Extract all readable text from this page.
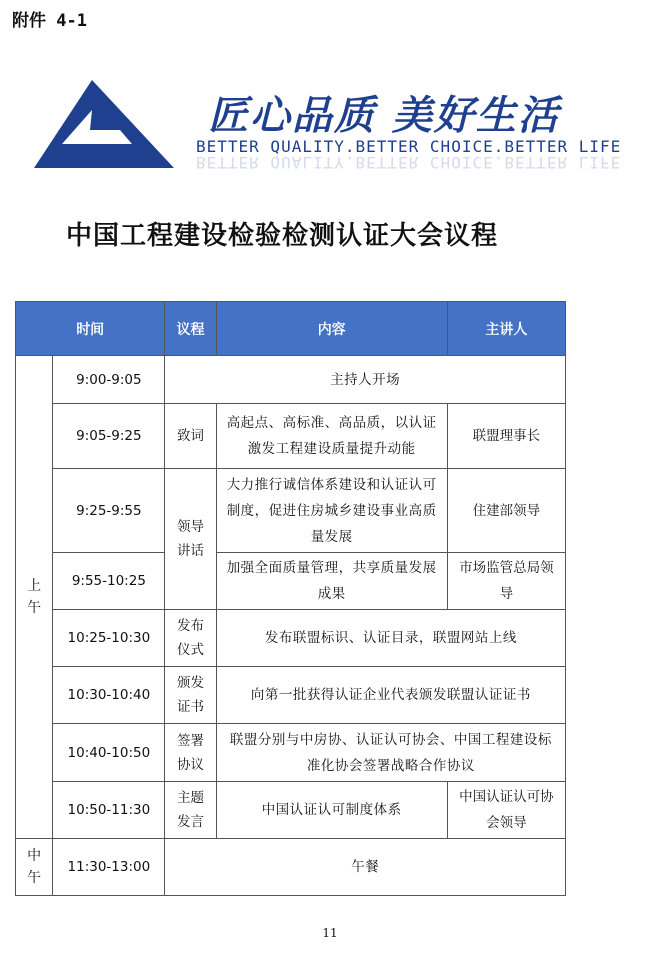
附件 4-1
匠心品质 美好生活
BETTER QUALITY.BETTER CHOICE.BETTER LIFE
BETTER QUALITY.BETTER CHOICE.BETTER LIFE
中国工程建设检验检测认证大会议程
时间		议程	内容	主讲人
上午	9:00-9:05	主持人开场		
	9:05-9:25	致词	高起点、高标准、高品质，以认证激发工程建设质量提升动能	联盟理事长
	9:25-9:55	领导讲话	大力推行诚信体系建设和认证认可制度，促进住房城乡建设事业高质量发展	住建部领导
	9:55-10:25		加强全面质量管理，共享质量发展成果	市场监管总局领导
	10:25-10:30	发布仪式	发布联盟标识、认证目录，联盟网站上线	
	10:30-10:40	颁发证书	向第一批获得认证企业代表颁发联盟认证证书	
	10:40-10:50	签署协议	联盟分别与中房协、认证认可协会、中国工程建设标准化协会签署战略合作协议	
	10:50-11:30	主题发言	中国认证认可制度体系	中国认证认可协会领导
中午	11:30-13:00	午餐		
11
